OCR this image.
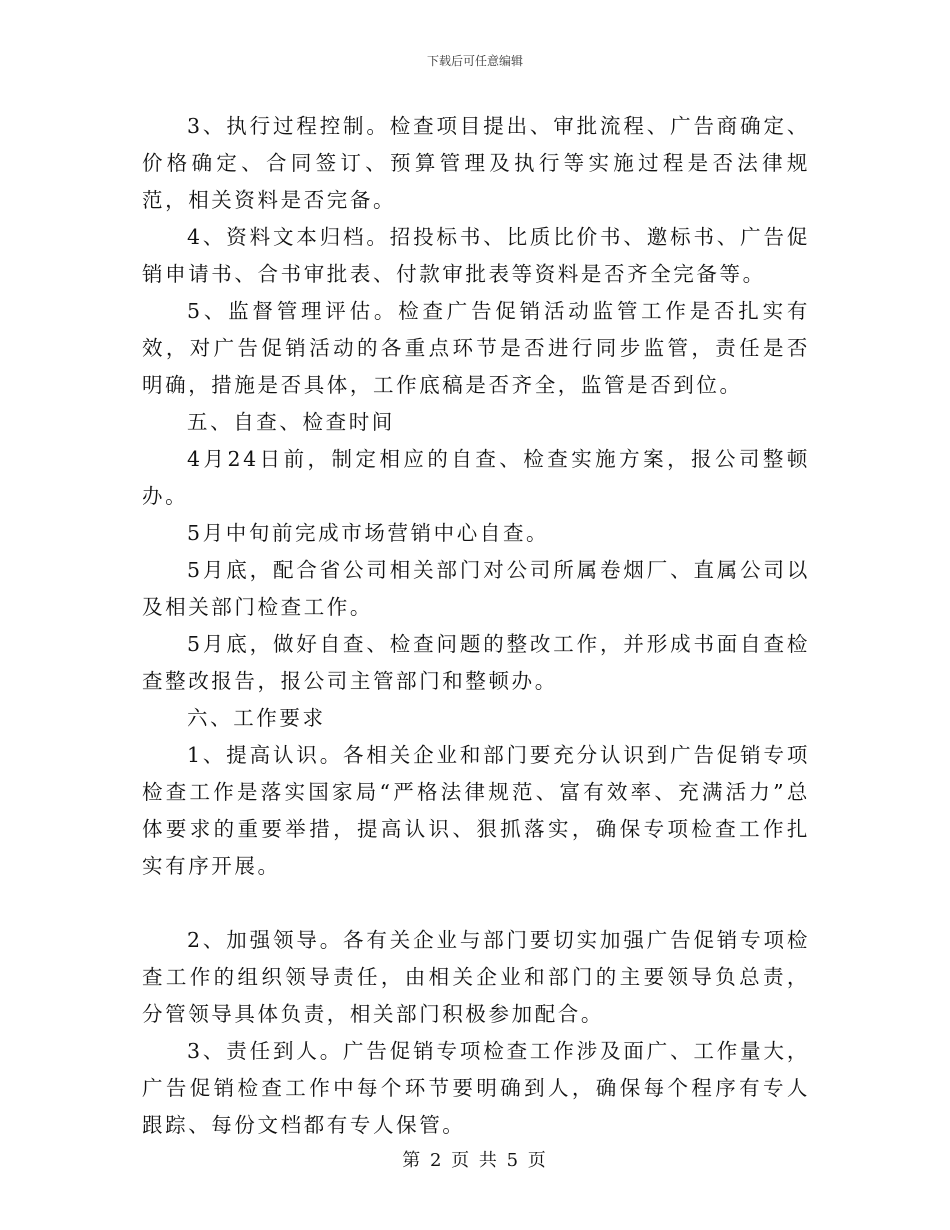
下载后可任意编辑

3、执行过程控制。检查项目提出、审批流程、广告商确定、价格确定、合同签订、预算管理及执行等实施过程是否法律规范，相关资料是否完备。

4、资料文本归档。招投标书、比质比价书、邀标书、广告促销申请书、合书审批表、付款审批表等资料是否齐全完备等。

5、监督管理评估。检查广告促销活动监管工作是否扎实有效，对广告促销活动的各重点环节是否进行同步监管，责任是否明确，措施是否具体，工作底稿是否齐全，监管是否到位。

五、自查、检查时间

4月24日前，制定相应的自查、检查实施方案，报公司整顿办。

5月中旬前完成市场营销中心自查。

5月底，配合省公司相关部门对公司所属卷烟厂、直属公司以及相关部门检查工作。

5月底，做好自查、检查问题的整改工作，并形成书面自查检查整改报告，报公司主管部门和整顿办。

六、工作要求

1、提高认识。各相关企业和部门要充分认识到广告促销专项检查工作是落实国家局“严格法律规范、富有效率、充满活力”总体要求的重要举措，提高认识、狠抓落实，确保专项检查工作扎实有序开展。

2、加强领导。各有关企业与部门要切实加强广告促销专项检查工作的组织领导责任，由相关企业和部门的主要领导负总责，分管领导具体负责，相关部门积极参加配合。

3、责任到人。广告促销专项检查工作涉及面广、工作量大，广告促销检查工作中每个环节要明确到人，确保每个程序有专人跟踪、每份文档都有专人保管。

第 2 页 共 5 页
